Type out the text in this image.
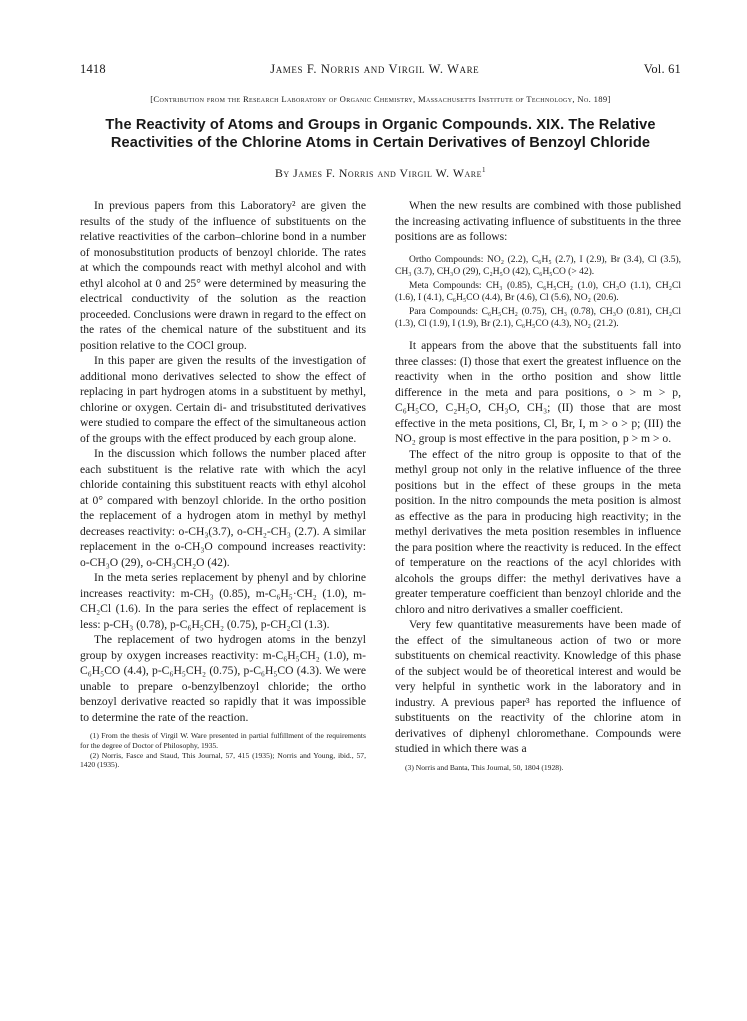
1418	James F. Norris and Virgil W. Ware	Vol. 61
[Contribution from the Research Laboratory of Organic Chemistry, Massachusetts Institute of Technology, No. 189]
The Reactivity of Atoms and Groups in Organic Compounds. XIX. The Relative Reactivities of the Chlorine Atoms in Certain Derivatives of Benzoyl Chloride
By James F. Norris and Virgil W. Ware$^1$

In previous papers from this Laboratory² are given the results of the study of the influence of substituents on the relative reactivities of the carbon–chlorine bond in a number of monosubstitution products of benzoyl chloride. The rates at which the compounds react with methyl alcohol and with ethyl alcohol at 0 and 25° were determined by measuring the electrical conductivity of the solution as the reaction proceeded. Conclusions were drawn in regard to the effect on the rates of the chemical nature of the substituent and its position relative to the COCl group.

In this paper are given the results of the investigation of additional mono derivatives selected to show the effect of replacing in part hydrogen atoms in a substituent by methyl, chlorine or oxygen. Certain di- and trisubstituted derivatives were studied to compare the effect of the simultaneous action of the groups with the effect produced by each group alone.

In the discussion which follows the number placed after each substituent is the relative rate with which the acyl chloride containing this substituent reacts with ethyl alcohol at 0° compared with benzoyl chloride. In the ortho position the replacement of a hydrogen atom in methyl by methyl decreases reactivity: o-CH₃(3.7), o-CH₂-CH₃ (2.7). A similar replacement in the o-CH₃O compound increases reactivity: o-CH₃O (29), o-CH₃CH₂O (42).

In the meta series replacement by phenyl and by chlorine increases reactivity: m-CH₃ (0.85), m-C₆H₅·CH₂ (1.0), m-CH₂Cl (1.6). In the para series the effect of replacement is less: p-CH₃ (0.78), p-C₆H₅CH₂ (0.75), p-CH₂Cl (1.3).

The replacement of two hydrogen atoms in the benzyl group by oxygen increases reactivity: m-C₆H₅CH₂ (1.0), m-C₆H₅CO (4.4), p-C₆H₅CH₂ (0.75), p-C₆H₅CO (4.3). We were unable to prepare o-benzylbenzoyl chloride; the ortho benzoyl derivative reacted so rapidly that it was impossible to determine the rate of the reaction.

(1) From the thesis of Virgil W. Ware presented in partial fulfillment of the requirements for the degree of Doctor of Philosophy, 1935.
(2) Norris, Fasce and Staud, This Journal, 57, 415 (1935); Norris and Young, ibid., 57, 1420 (1935).

When the new results are combined with those published the increasing activating influence of substituents in the three positions are as follows:

Ortho Compounds: NO₂ (2.2), C₆H₅ (2.7), I (2.9), Br (3.4), Cl (3.5), CH₃ (3.7), CH₃O (29), C₂H₅O (42), C₆H₅CO (> 42).

Meta Compounds: CH₃ (0.85), C₆H₅CH₂ (1.0), CH₃O (1.1), CH₂Cl (1.6), I (4.1), C₆H₅CO (4.4), Br (4.6), Cl (5.6), NO₂ (20.6).

Para Compounds: C₆H₅CH₂ (0.75), CH₃ (0.78), CH₃O (0.81), CH₂Cl (1.3), Cl (1.9), I (1.9), Br (2.1), C₆H₅CO (4.3), NO₂ (21.2).

It appears from the above that the substituents fall into three classes: (I) those that exert the greatest influence on the reactivity when in the ortho position and show little difference in the meta and para positions, o > m > p, C₆H₅CO, C₂H₅O, CH₃O, CH₃; (II) those that are most effective in the meta positions, Cl, Br, I, m > o > p; (III) the NO₂ group is most effective in the para position, p > m > o.

The effect of the nitro group is opposite to that of the methyl group not only in the relative influence of the three positions but in the effect of these groups in the meta position. In the nitro compounds the meta position is almost as effective as the para in producing high reactivity; in the methyl derivatives the meta position resembles in influence the para position where the reactivity is reduced. In the effect of temperature on the reactions of the acyl chlorides with alcohols the groups differ: the methyl derivatives have a greater temperature coefficient than benzoyl chloride and the chloro and nitro derivatives a smaller coefficient.

Very few quantitative measurements have been made of the effect of the simultaneous action of two or more substituents on chemical reactivity. Knowledge of this phase of the subject would be of theoretical interest and would be very helpful in synthetic work in the laboratory and in industry. A previous paper³ has reported the influence of substituents on the reactivity of the chlorine atom in derivatives of diphenyl chloromethane. Compounds were studied in which there was a

(3) Norris and Banta, This Journal, 50, 1804 (1928).
